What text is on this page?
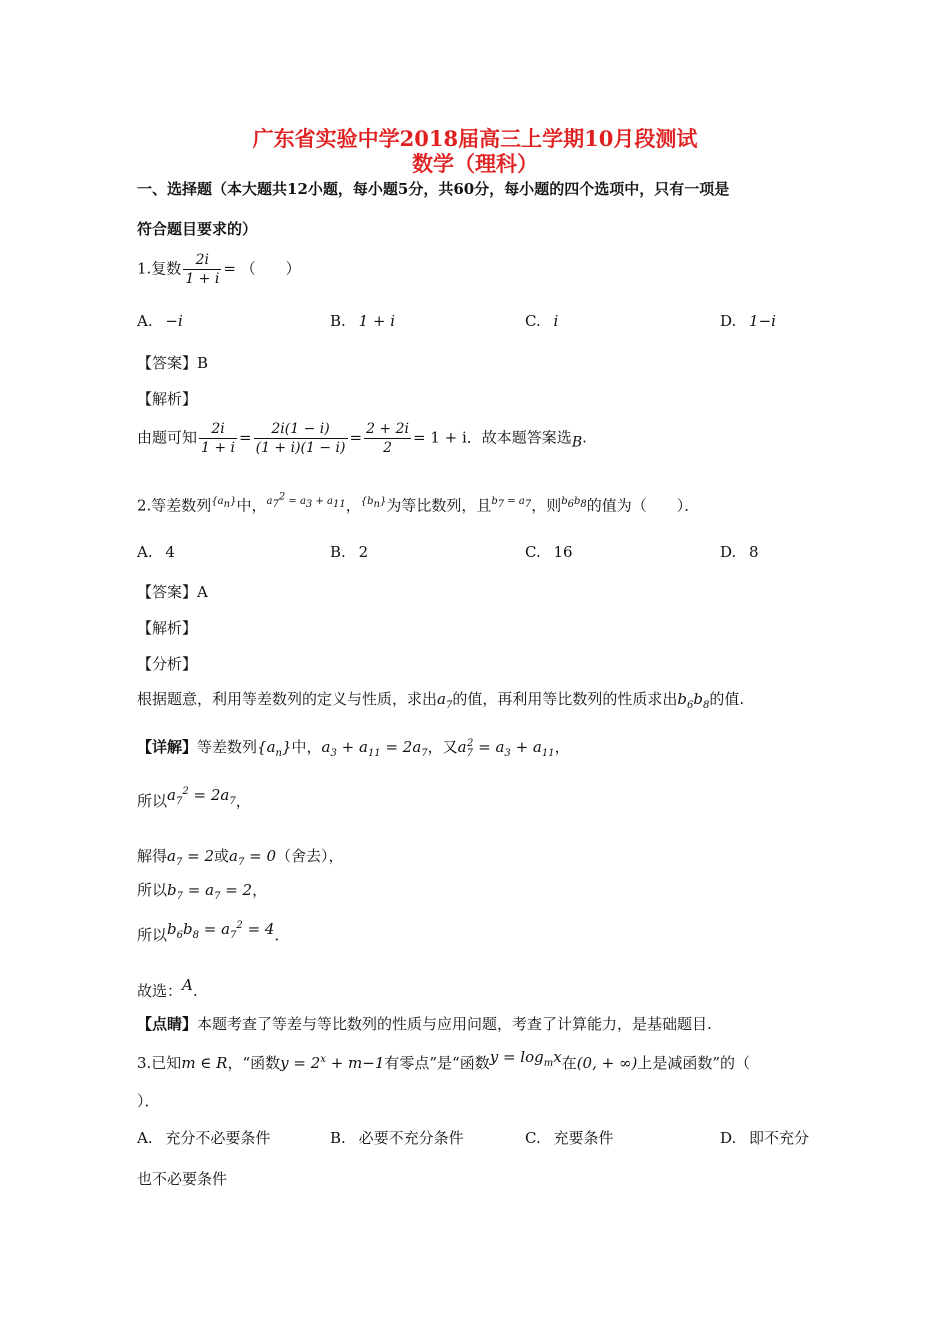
广东省实验中学2018届高三上学期10月段测试
数学（理科）
一、选择题（本大题共12小题，每小题5分，共60分，每小题的四个选项中，只有一项是
符合题目要求的）
1.复数 $\frac{2i}{1 + i}$ = （　　）
A. −i	B. 1 + i	C. i	D. 1−i
【答案】B
【解析】
由题可知 $\frac{2i}{1 + i} = \frac{2i(1 - i)}{(1 + i)(1 - i)} = \frac{2 + 2i}{2} = 1 + i$．故本题答案选$_B$.
2.等差数列$^{\{a_n\}}$中，$^{a_7^2 = a_3 + a_{11}}$，$^{\{b_n\}}$为等比数列，且$^{b_7 = a_7}$，则$^{b_6b_8}$的值为（　　）．
A. 4	B. 2	C. 16	D. 8
【答案】A
【解析】
【分析】
根据题意，利用等差数列的定义与性质，求出$a_7$的值，再利用等比数列的性质求出$b_6b_8$的值.
【详解】等差数列$\{a_n\}$中，$a_3 + a_{11} = 2a_7$，又$a_7^2 = a_3 + a_{11}$，
所以$^{a_7^2 = 2a_7}$，
解得$a_7 = 2$或$a_7 = 0$（舍去），
所以$b_7 = a_7 = 2$，
所以$^{b_6b_8 = a_7^2 = 4}$．
故选：$^A$.
【点睛】本题考查了等差与等比数列的性质与应用问题，考查了计算能力，是基础题目.
3.已知m ∈ R，“函数$y = 2^x + m-1$有零点”是“函数$^{y = log_mx}$在(0, + ∞)上是减函数”的（
）．
A. 充分不必要条件	B. 必要不充分条件	C. 充要条件	D. 即不充分
也不必要条件
